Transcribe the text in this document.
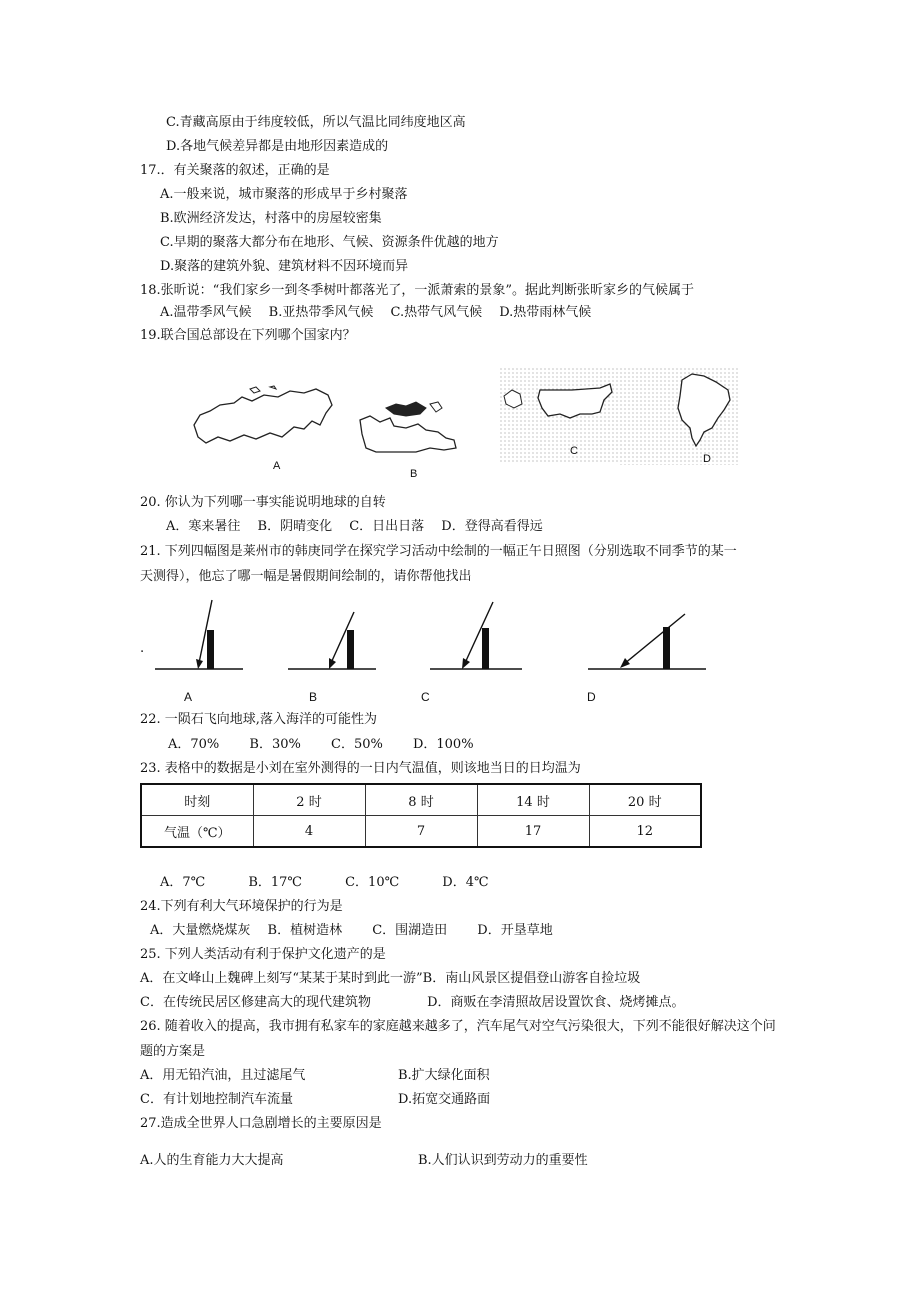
C.青藏高原由于纬度较低，所以气温比同纬度地区高
D.各地气候差异都是由地形因素造成的
17.．有关聚落的叙述，正确的是
A.一般来说，城市聚落的形成早于乡村聚落
B.欧洲经济发达，村落中的房屋较密集
C.早期的聚落大都分布在地形、气候、资源条件优越的地方
D.聚落的建筑外貌、建筑材料不因环境而异
18.张昕说：“我们家乡一到冬季树叶都落光了，一派萧索的景象”。据此判断张昕家乡的气候属于
A.温带季风气候　 B.亚热带季风气候　 C.热带气风气候　 D.热带雨林气候
19.联合国总部设在下列哪个国家内？
A
B
C
D
20. 你认为下列哪一事实能说明地球的自转
A．寒来暑往　 B．阴晴变化　 C．日出日落　 D．登得高看得远
21. 下列四幅图是莱州市的韩庚同学在探究学习活动中绘制的一幅正午日照图（分别选取不同季节的某一
天测得），他忘了哪一幅是暑假期间绘制的，请你帮他找出
.
A	B	C	D
22. 一陨石飞向地球,落入海洋的可能性为
A．70%　　 B．30%　　 C．50%　　 D．100%
23. 表格中的数据是小刘在室外测得的一日内气温值，则该地当日的日均温为
时刻	2 时	8 时	14 时	20 时
气温（℃）	4	7	17	12
A．7℃　　　 B．17℃　　　 C．10℃　　　 D．4℃
24.下列有利大气环境保护的行为是
A．大量燃烧煤灰　 B．植树造林　　 C．围湖造田　　 D．开垦草地
25. 下列人类活动有利于保护文化遗产的是
A．在文峰山上魏碑上刻写“某某于某时到此一游”B．南山风景区提倡登山游客自捡垃圾
C．在传统民居区修建高大的现代建筑物　　　　 D．商贩在李清照故居设置饮食、烧烤摊点。
26. 随着收入的提高，我市拥有私家车的家庭越来越多了，汽车尾气对空气污染很大，下列不能很好解决这个问
题的方案是
A．用无铅汽油，且过滤尾气	B.扩大绿化面积
C．有计划地控制汽车流量	D.拓宽交通路面
27.造成全世界人口急剧增长的主要原因是
A.人的生育能力大大提高	B.人们认识到劳动力的重要性
